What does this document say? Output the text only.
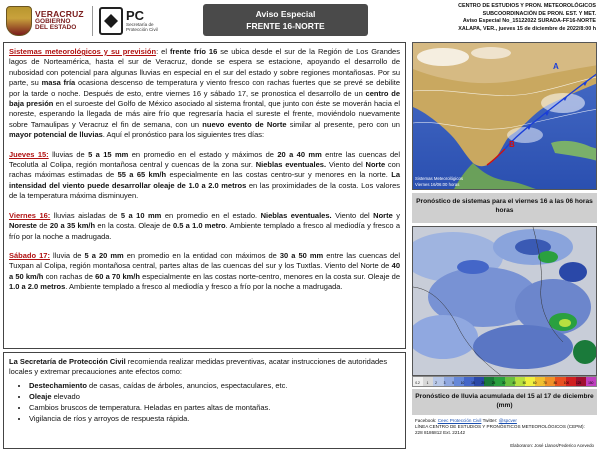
VERACRUZ
GOBIERNO
DEL ESTADO
PC
Secretaría de
Protección Civil
Aviso Especial
FRENTE 16-NORTE
CENTRO DE ESTUDIOS Y PRON. METEOROLÓGICOS
SUBCOORDINACIÓN DE PRON. EST. Y MET.
Aviso Especial No_15122022 SURADA-FF16-NORTE
XALAPA, VER., jueves 15 de diciembre de 2022/8:00 h

Sistemas meteorológicos y su previsión: el frente frío 16 se ubica desde el sur de la Región de Los Grandes lagos de Norteamérica, hasta el sur de Veracruz, donde se espera se estacione, apoyando el desarrollo de nubosidad con potencial para algunas lluvias en especial en el sur del estado y sobre regiones montañosas. Por su parte, su masa fría ocasiona descenso de temperatura y viento fresco con rachas fuertes que se prevé se debilite por la tarde o noche. Después de esto, entre viernes 16 y sábado 17, se pronostica el desarrollo de un centro de baja presión en el suroeste del Golfo de México asociado al sistema frontal, que junto con éste se moverán hacia el noreste, esperando la llegada de más aire frío que regresaría hacia el sureste el frente, moviéndolo nuevamente sobre Tamaulipas y Veracruz el fin de semana, con un nuevo evento de Norte similar al presente, pero con un mayor potencial de lluvias. Aquí el pronóstico para los siguientes tres días:

Jueves 15: lluvias de 5 a 15 mm en promedio en el estado y máximos de 20 a 40 mm entre las cuencas del Tecolutla al Colipa, región montañosa central y cuencas de la zona sur. Nieblas eventuales. Viento del Norte con rachas máximas estimadas de 55 a 65 km/h especialmente en las costas centro-sur y menores en la norte. La intensidad del viento puede desarrollar oleaje de 1.0 a 2.0 metros en las proximidades de la costa. Los valores de la temperatura máxima disminuyen.

Viernes 16: lluvias aisladas de 5 a 10 mm en promedio en el estado. Nieblas eventuales. Viento del Norte y Noreste de 20 a 35 km/h en la costa. Oleaje de 0.5 a 1.0 metro. Ambiente templado a fresco al mediodía y fresco a frío por la noche a madrugada.

Sábado 17: lluvia de 5 a 20 mm en promedio en la entidad con máximos de 30 a 50 mm entre las cuencas del Tuxpan al Colipa, región montañosa central, partes altas de las cuencas del sur y los Tuxtlas. Viento del Norte de 40 a 50 km/h con rachas de 60 a 70 km/h especialmente en las costas norte-centro, menores en la costa sur. Oleaje de 1.0 a 2.0 metros. Ambiente templado a fresco al mediodía y fresco a frío por la noche a madrugada.

La Secretaría de Protección Civil recomienda realizar medidas preventivas, acatar instrucciones de autoridades locales y extremar precauciones ante efectos como:
• Destechamiento de casas, caídas de árboles, anuncios, espectaculares, etc.
• Oleaje elevado
• Cambios bruscos de temperatura. Heladas en partes altas de montañas.
• Vigilancia de ríos y arroyos de respuesta rápida.
A
B
Sistemas Meteorológicos
Viernes 16/06:00 horas
Pronóstico de sistemas para el viernes 16 a las 06 horas horas
0.2 1 2 3 5 10 15 20 25 30 40 50 60 70 80 100 125 150
Pronóstico de lluvia acumulada del 15 al 17 de diciembre (mm)
Facebook: Ceec Protección Civil Twitter: @spcver
LÍNEA CENTRO DE ESTUDIOS Y PRONÓSTICOS METEOROLÓGICOS (CEPM):
228 8186812 Ext. 22142
Elaboraron: José Llanos/Federico Acevedo
